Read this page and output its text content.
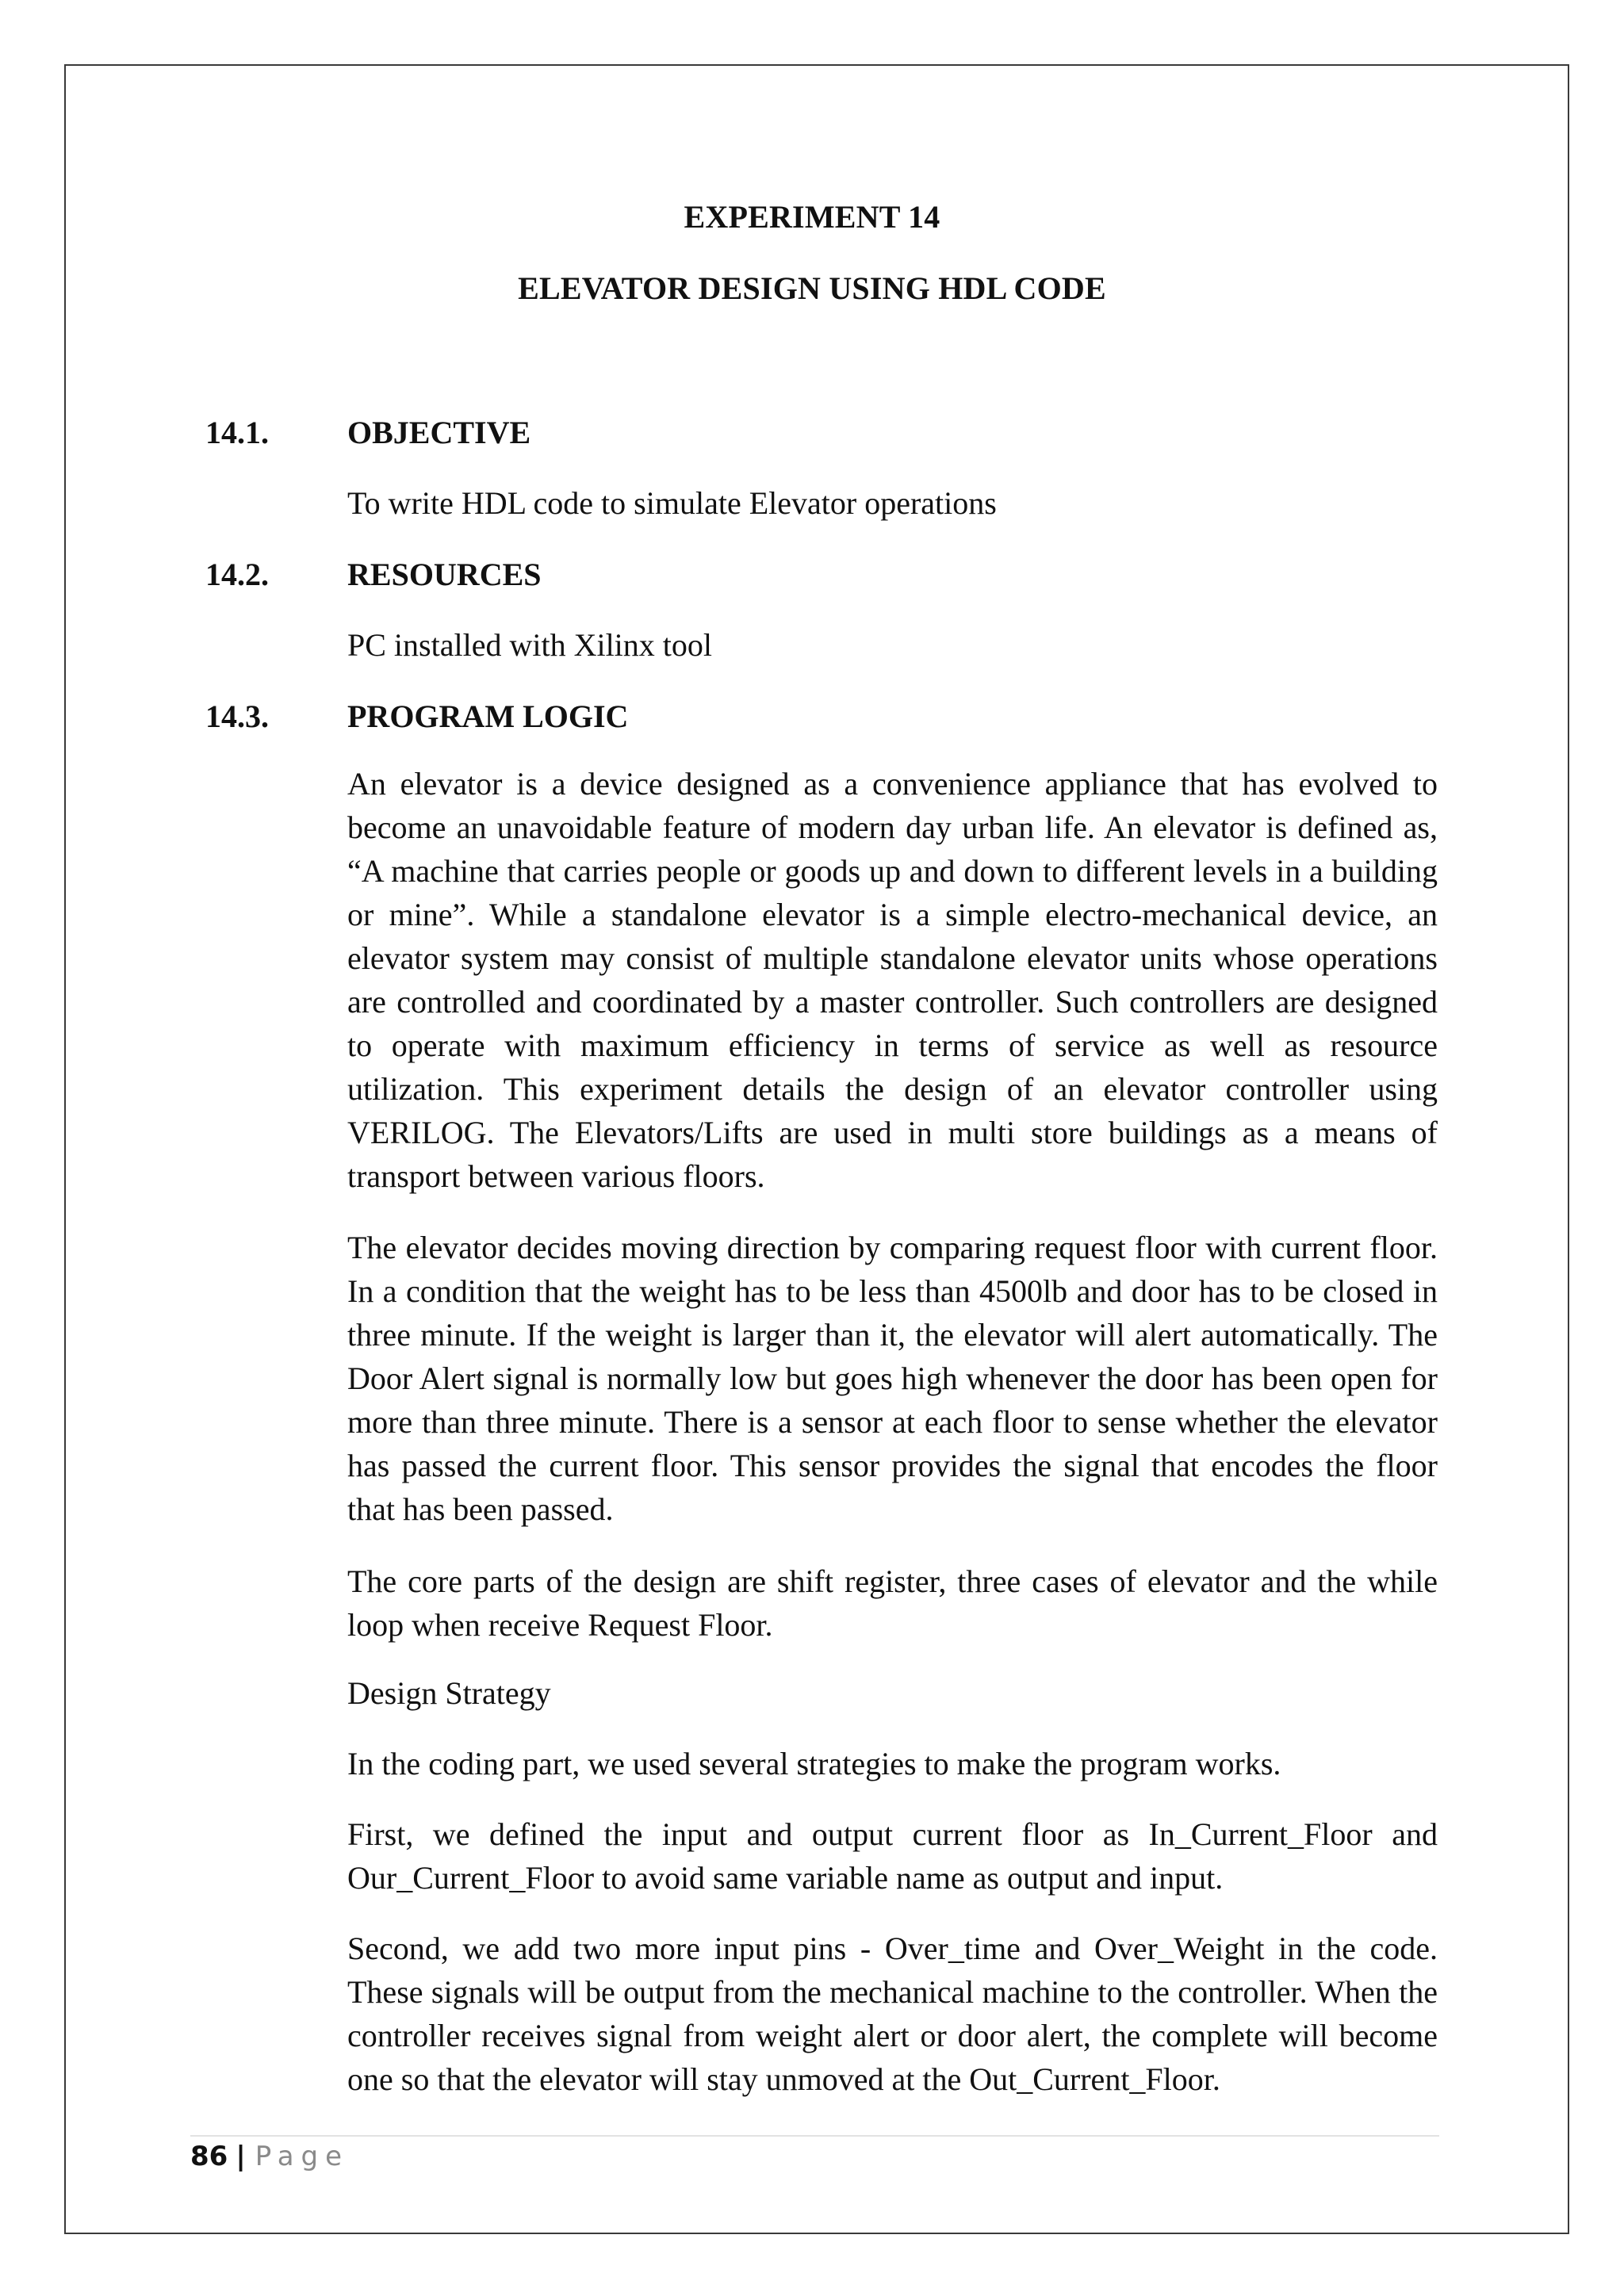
EXPERIMENT 14
ELEVATOR DESIGN USING HDL CODE
14.1. OBJECTIVE
To write HDL code to simulate Elevator operations
14.2. RESOURCES
PC installed with Xilinx tool
14.3. PROGRAM LOGIC
An elevator is a device designed as a convenience appliance that has evolved to become an unavoidable feature of modern day urban life. An elevator is defined as, “A machine that carries people or goods up and down to different levels in a building or mine”. While a standalone elevator is a simple electro-mechanical device, an elevator system may consist of multiple standalone elevator units whose operations are controlled and coordinated by a master controller. Such controllers are designed to operate with maximum efficiency in terms of service as well as resource utilization. This experiment details the design of an elevator controller using VERILOG. The Elevators/Lifts are used in multi store buildings as a means of transport between various floors.
The elevator decides moving direction by comparing request floor with current floor. In a condition that the weight has to be less than 4500lb and door has to be closed in three minute. If the weight is larger than it, the elevator will alert automatically. The Door Alert signal is normally low but goes high whenever the door has been open for more than three minute. There is a sensor at each floor to sense whether the elevator has passed the current floor. This sensor provides the signal that encodes the floor that has been passed.
The core parts of the design are shift register, three cases of elevator and the while loop when receive Request Floor.
Design Strategy
In the coding part, we used several strategies to make the program works.
First, we defined the input and output current floor as In_Current_Floor and Our_Current_Floor to avoid same variable name as output and input.
Second, we add two more input pins - Over_time and Over_Weight in the code. These signals will be output from the mechanical machine to the controller. When the controller receives signal from weight alert or door alert, the complete will become one so that the elevator will stay unmoved at the Out_Current_Floor.
86 | Page
